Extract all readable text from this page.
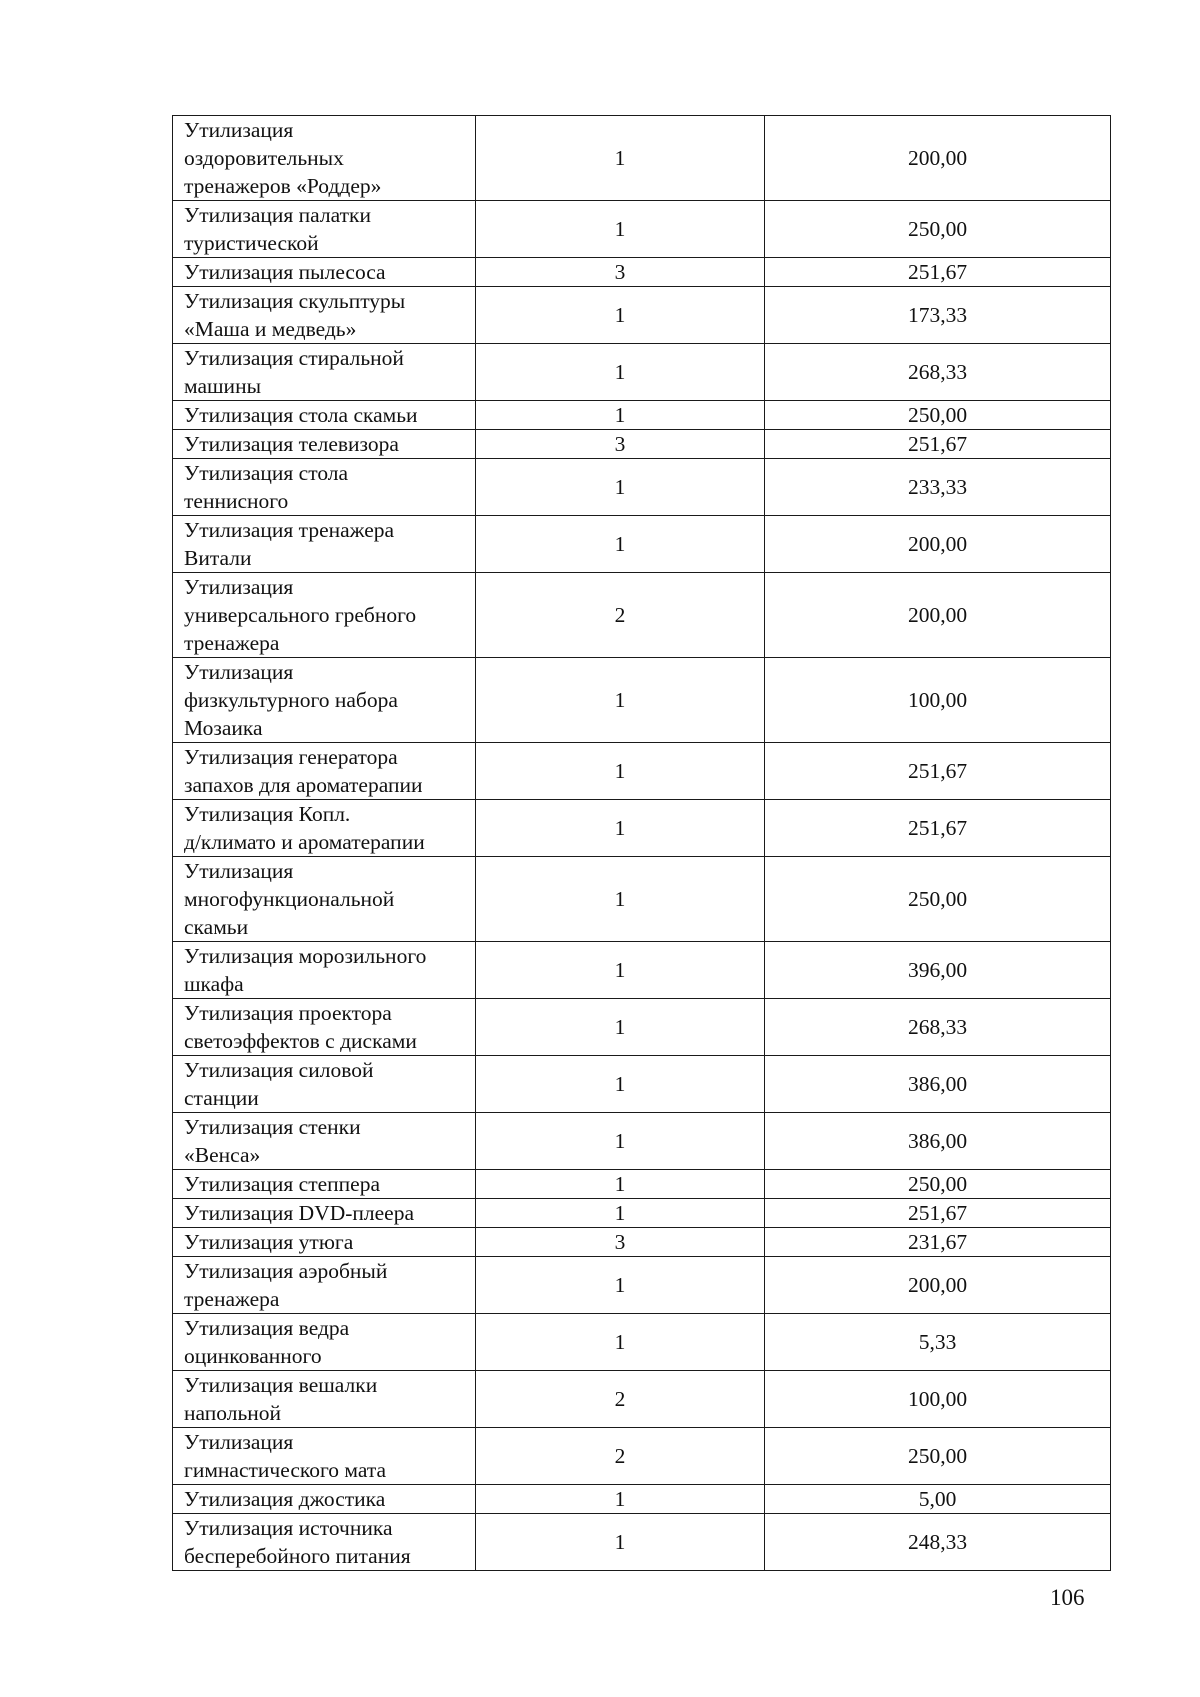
Утилизация
оздоровительных
тренажеров «Роддер»	1	200,00
Утилизация палатки
туристической	1	250,00
Утилизация пылесоса	3	251,67
Утилизация скульптуры
«Маша и медведь»	1	173,33
Утилизация стиральной
машины	1	268,33
Утилизация стола скамьи	1	250,00
Утилизация телевизора	3	251,67
Утилизация стола
теннисного	1	233,33
Утилизация тренажера
Витали	1	200,00
Утилизация
универсального гребного
тренажера	2	200,00
Утилизация
физкультурного набора
Мозаика	1	100,00
Утилизация генератора
запахов для ароматерапии	1	251,67
Утилизация Копл.
д/климато и ароматерапии	1	251,67
Утилизация
многофункциональной
скамьи	1	250,00
Утилизация морозильного
шкафа	1	396,00
Утилизация проектора
светоэффектов с дисками	1	268,33
Утилизация силовой
станции	1	386,00
Утилизация стенки
«Венса»	1	386,00
Утилизация степпера	1	250,00
Утилизация DVD-плеера	1	251,67
Утилизация утюга	3	231,67
Утилизация аэробный
тренажера	1	200,00
Утилизация ведра
оцинкованного	1	5,33
Утилизация вешалки
напольной	2	100,00
Утилизация
гимнастического мата	2	250,00
Утилизация джостика	1	5,00
Утилизация источника
бесперебойного питания	1	248,33
106
